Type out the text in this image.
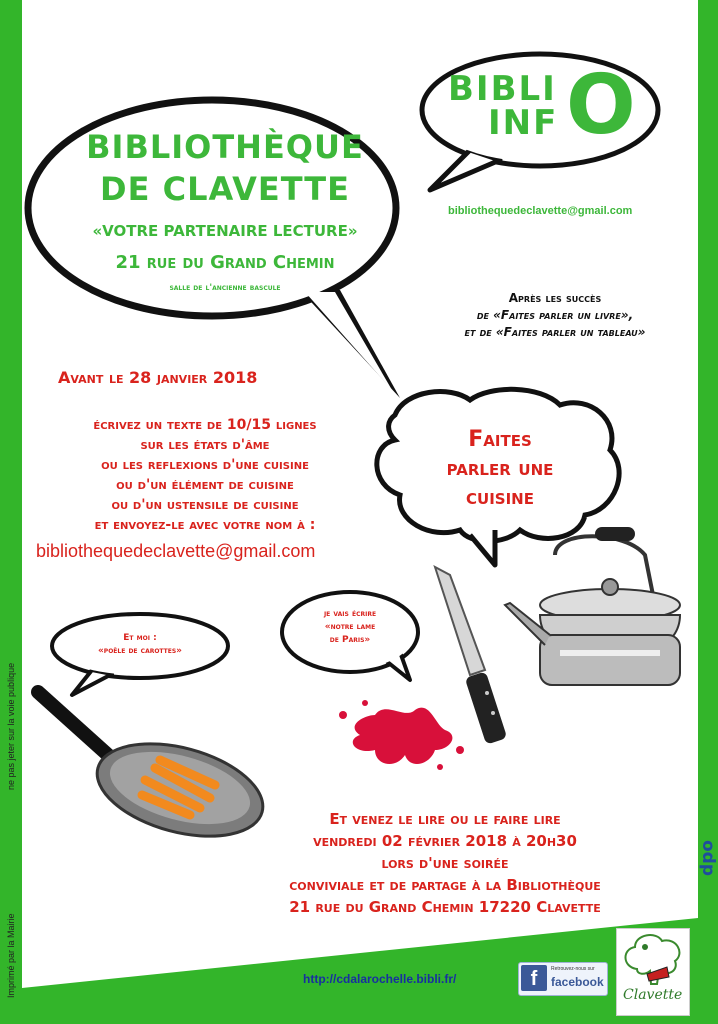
BIBLI
INF O
bibliothequedeclavette@gmail.com
BIBLIOTHÈQUE
DE CLAVETTE
«VOTRE PARTENAIRE LECTURE»
21 rue du Grand Chemin
salle de l'ancienne bascule
Après les succès
de «Faites parler un livre»,
et de «Faites parler un tableau»
Faites
parler une
cuisine
Avant le 28 janvier 2018
écrivez un texte de 10/15 lignes
sur les états d'âme
ou les reflexions d'une cuisine
ou d'un élément de cuisine
ou d'un ustensile de cuisine
et envoyez-le avec votre nom à :
bibliothequedeclavette@gmail.com
Et moi :
«poêle de carottes»
je vais écrire
«notre lame
de Paris»
Et venez le lire ou le faire lire
vendredi 02 février 2018 à 20h30
lors d'une soirée
conviviale et de partage à la Bibliothèque
21 rue du Grand Chemin 17220 Clavette
ne pas jeter sur la voie publique
Imprimé par la Mairie
odp
http://cdalarochelle.bibli.fr/	f	Retrouvez-nous sur
facebook
Clavette
